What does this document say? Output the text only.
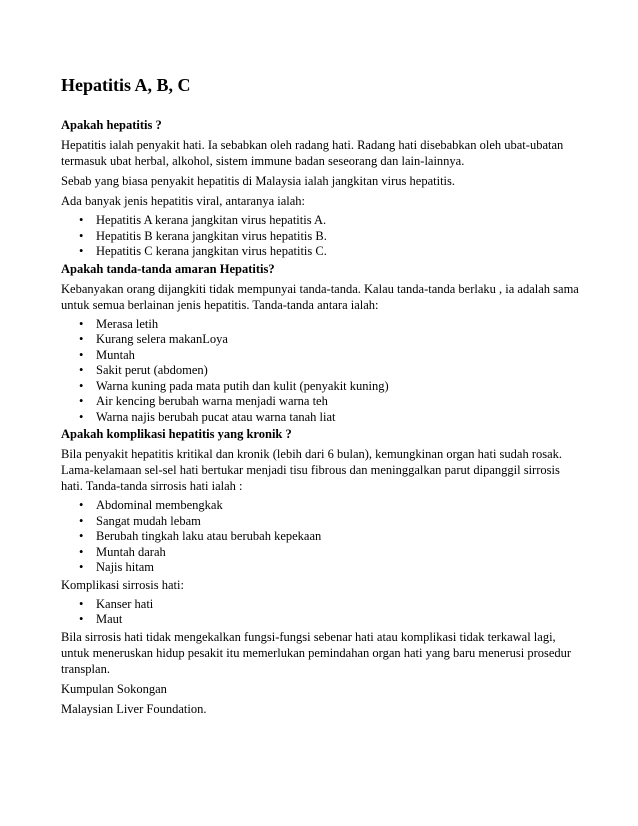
Hepatitis A, B, C
Apakah hepatitis ?

Hepatitis ialah penyakit hati. Ia sebabkan oleh radang hati. Radang hati disebabkan oleh ubat-ubatan termasuk ubat herbal, alkohol, sistem immune badan seseorang dan lain-lainnya.

Sebab yang biasa penyakit hepatitis di Malaysia ialah jangkitan virus hepatitis.

Ada banyak jenis hepatitis viral, antaranya ialah:

• Hepatitis A kerana jangkitan virus hepatitis A.
• Hepatitis B kerana jangkitan virus hepatitis B.
• Hepatitis C kerana jangkitan virus hepatitis C.
Apakah tanda-tanda amaran Hepatitis?

Kebanyakan orang dijangkiti tidak mempunyai tanda-tanda. Kalau tanda-tanda berlaku , ia adalah sama untuk semua berlainan jenis hepatitis. Tanda-tanda antara ialah:

• Merasa letih
• Kurang selera makanLoya
• Muntah
• Sakit perut (abdomen)
• Warna kuning pada mata putih dan kulit (penyakit kuning)
• Air kencing berubah warna menjadi warna teh
• Warna najis berubah pucat atau warna tanah liat
Apakah komplikasi hepatitis yang kronik ?

Bila penyakit hepatitis kritikal dan kronik (lebih dari 6 bulan), kemungkinan organ hati sudah rosak. Lama-kelamaan sel-sel hati bertukar menjadi tisu fibrous dan meninggalkan parut dipanggil sirrosis hati. Tanda-tanda sirrosis hati ialah :

• Abdominal membengkak
• Sangat mudah lebam
• Berubah tingkah laku atau berubah kepekaan
• Muntah darah
• Najis hitam

Komplikasi sirrosis hati:

• Kanser hati
• Maut

Bila sirrosis hati tidak mengekalkan fungsi-fungsi sebenar hati atau komplikasi tidak terkawal lagi, untuk meneruskan hidup pesakit itu memerlukan pemindahan organ hati yang baru menerusi prosedur transplan.

Kumpulan Sokongan

Malaysian Liver Foundation.
